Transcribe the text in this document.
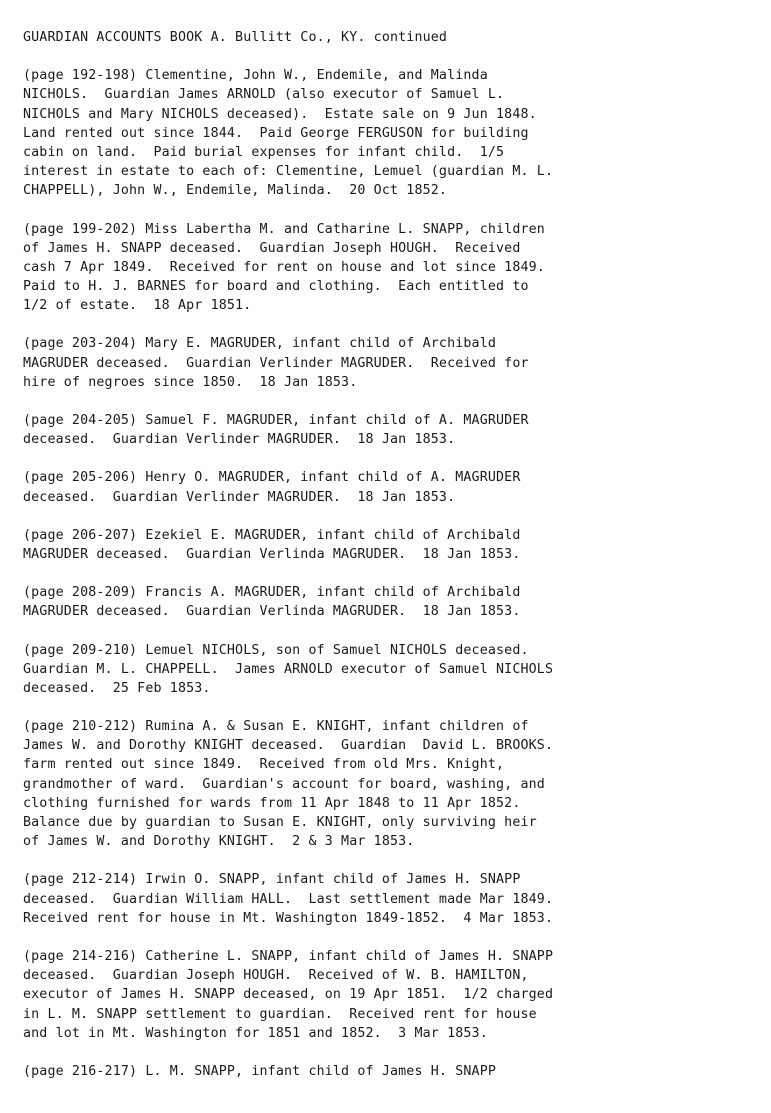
GUARDIAN ACCOUNTS BOOK A. Bullitt Co., KY. continued
(page 192-198) Clementine, John W., Endemile, and Malinda
NICHOLS.  Guardian James ARNOLD (also executor of Samuel L.
NICHOLS and Mary NICHOLS deceased).  Estate sale on 9 Jun 1848.
Land rented out since 1844.  Paid George FERGUSON for building
cabin on land.  Paid burial expenses for infant child.  1/5
interest in estate to each of: Clementine, Lemuel (guardian M. L.
CHAPPELL), John W., Endemile, Malinda.  20 Oct 1852.
(page 199-202) Miss Labertha M. and Catharine L. SNAPP, children
of James H. SNAPP deceased.  Guardian Joseph HOUGH.  Received
cash 7 Apr 1849.  Received for rent on house and lot since 1849.
Paid to H. J. BARNES for board and clothing.  Each entitled to
1/2 of estate.  18 Apr 1851.
(page 203-204) Mary E. MAGRUDER, infant child of Archibald
MAGRUDER deceased.  Guardian Verlinder MAGRUDER.  Received for
hire of negroes since 1850.  18 Jan 1853.
(page 204-205) Samuel F. MAGRUDER, infant child of A. MAGRUDER
deceased.  Guardian Verlinder MAGRUDER.  18 Jan 1853.
(page 205-206) Henry O. MAGRUDER, infant child of A. MAGRUDER
deceased.  Guardian Verlinder MAGRUDER.  18 Jan 1853.
(page 206-207) Ezekiel E. MAGRUDER, infant child of Archibald
MAGRUDER deceased.  Guardian Verlinda MAGRUDER.  18 Jan 1853.
(page 208-209) Francis A. MAGRUDER, infant child of Archibald
MAGRUDER deceased.  Guardian Verlinda MAGRUDER.  18 Jan 1853.
(page 209-210) Lemuel NICHOLS, son of Samuel NICHOLS deceased.
Guardian M. L. CHAPPELL.  James ARNOLD executor of Samuel NICHOLS
deceased.  25 Feb 1853.
(page 210-212) Rumina A. & Susan E. KNIGHT, infant children of
James W. and Dorothy KNIGHT deceased.  Guardian  David L. BROOKS.
farm rented out since 1849.  Received from old Mrs. Knight,
grandmother of ward.  Guardian's account for board, washing, and
clothing furnished for wards from 11 Apr 1848 to 11 Apr 1852.
Balance due by guardian to Susan E. KNIGHT, only surviving heir
of James W. and Dorothy KNIGHT.  2 & 3 Mar 1853.
(page 212-214) Irwin O. SNAPP, infant child of James H. SNAPP
deceased.  Guardian William HALL.  Last settlement made Mar 1849.
Received rent for house in Mt. Washington 1849-1852.  4 Mar 1853.
(page 214-216) Catherine L. SNAPP, infant child of James H. SNAPP
deceased.  Guardian Joseph HOUGH.  Received of W. B. HAMILTON,
executor of James H. SNAPP deceased, on 19 Apr 1851.  1/2 charged
in L. M. SNAPP settlement to guardian.  Received rent for house
and lot in Mt. Washington for 1851 and 1852.  3 Mar 1853.
(page 216-217) L. M. SNAPP, infant child of James H. SNAPP
